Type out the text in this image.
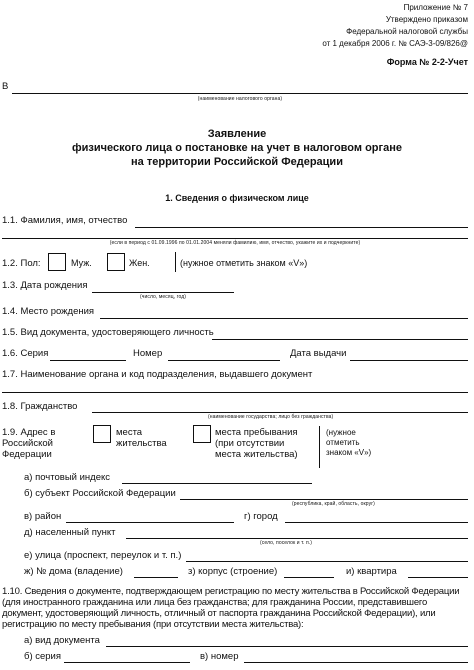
Приложение № 7
Утверждено приказом
Федеральной налоговой службы
от 1 декабря 2006 г. № САЭ-3-09/826@
Форма № 2-2-Учет
В
(наименование налогового органа)
Заявление
физического лица о постановке на учет в налоговом органе
на территории Российской Федерации
1. Сведения о физическом лице
1.1. Фамилия, имя, отчество
(если в период с 01.09.1996 по 01.01.2004 меняли фамилию, имя, отчество, укажите их и подчеркните)
1.2. Пол:	Муж.	Жен.	(нужное отметить знаком «V»)
1.3. Дата рождения
(число, месяц, год)
1.4. Место рождения
1.5. Вид документа, удостоверяющего личность
1.6. Серия	Номер	Дата выдачи
1.7. Наименование органа и код подразделения, выдавшего документ
1.8. Гражданство
(наименование государства; лицо без гражданства)
1.9. Адрес в
Российской
Федерации
места
жительства
места пребывания
(при отсутствии
места жительства)
(нужное
отметить
знаком «V»)
а) почтовый индекс
б) субъект Российской Федерации
(республика, край, область, округ)
в) район	г) город
д) населенный пункт
(село, поселок и т. п.)
е) улица (проспект, переулок и т. п.)
ж) № дома (владение)	з) корпус (строение)	и) квартира
1.10. Сведения о документе, подтверждающем регистрацию по месту жительства в Российской Федерации
(для иностранного гражданина или лица без гражданства; для гражданина России, представившего
документ, удостоверяющий личность, отличный от паспорта гражданина Российской Федерации), или
регистрацию по месту пребывания (при отсутствии места жительства):
а) вид документа
б) серия	в) номер
